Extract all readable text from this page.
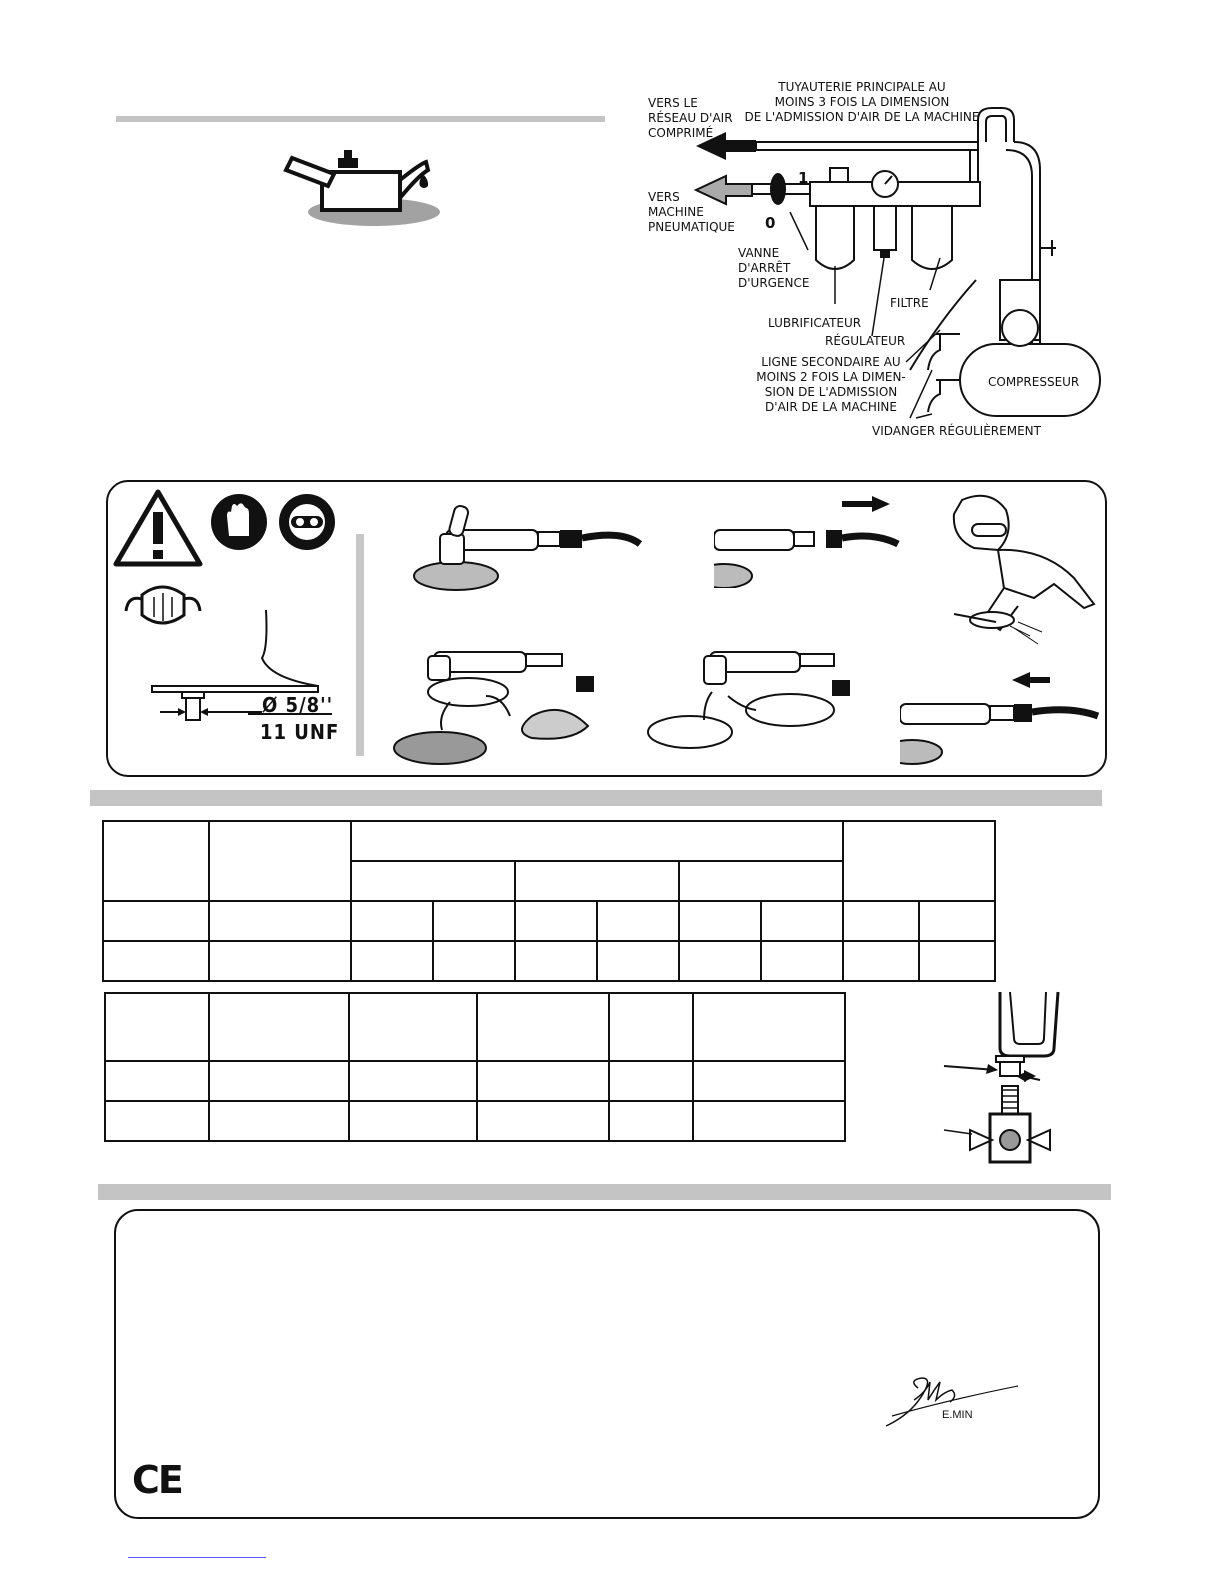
VERS LE
RÉSEAU D'AIR
COMPRIMÉ
TUYAUTERIE PRINCIPALE AU
MOINS 3 FOIS LA DIMENSION
DE L'ADMISSION D'AIR DE LA MACHINE
VERS
MACHINE
PNEUMATIQUE
1
0
VANNE
D'ARRÊT
D'URGENCE
FILTRE
LUBRIFICATEUR
RÉGULATEUR
LIGNE SECONDAIRE AU
MOINS 2 FOIS LA DIMEN-
SION DE L'ADMISSION
D'AIR DE LA MACHINE
COMPRESSEUR
VIDANGER RÉGULIÈREMENT
Ø 5/8''
11 UNF

E.MIN
CE
